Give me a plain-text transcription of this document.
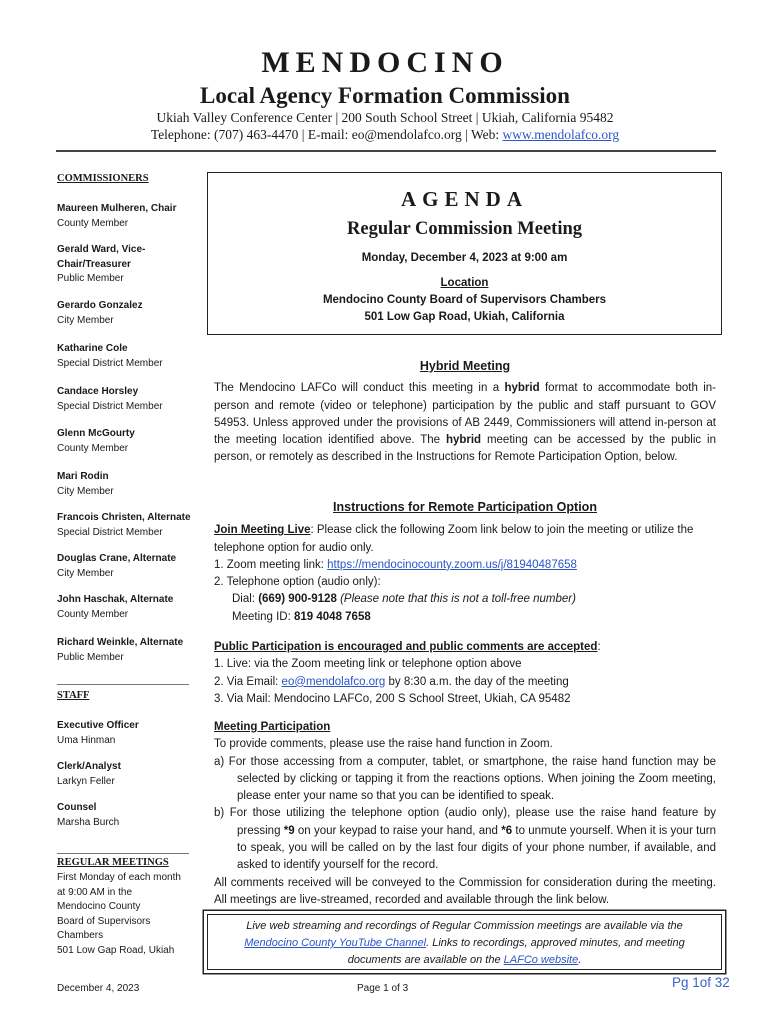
MENDOCINO
Local Agency Formation Commission
Ukiah Valley Conference Center | 200 South School Street | Ukiah, California 95482
Telephone: (707) 463-4470 | E-mail: eo@mendolafco.org | Web: www.mendolafco.org
COMMISSIONERS
Maureen Mulheren, Chair
County Member
Gerald Ward, Vice-Chair/Treasurer
Public Member
Gerardo Gonzalez
City Member
Katharine Cole
Special District Member
Candace Horsley
Special District Member
Glenn McGourty
County Member
Mari Rodin
City Member
Francois Christen, Alternate
Special District Member
Douglas Crane, Alternate
City Member
John Haschak, Alternate
County Member
Richard Weinkle, Alternate
Public Member
STAFF
Executive Officer
Uma Hinman
Clerk/Analyst
Larkyn Feller
Counsel
Marsha Burch
REGULAR MEETINGS
First Monday of each month
at 9:00 AM in the
Mendocino County
Board of Supervisors
Chambers
501 Low Gap Road, Ukiah
AGENDA
Regular Commission Meeting
Monday, December 4, 2023 at 9:00 am
Location
Mendocino County Board of Supervisors Chambers
501 Low Gap Road, Ukiah, California
Hybrid Meeting
The Mendocino LAFCo will conduct this meeting in a hybrid format to accommodate both in-person and remote (video or telephone) participation by the public and staff pursuant to GOV 54953. Unless approved under the provisions of AB 2449, Commissioners will attend in-person at the meeting location identified above. The hybrid meeting can be accessed by the public in person, or remotely as described in the Instructions for Remote Participation Option, below.
Instructions for Remote Participation Option
Join Meeting Live: Please click the following Zoom link below to join the meeting or utilize the telephone option for audio only.
1. Zoom meeting link: https://mendocinocounty.zoom.us/j/81940487658
2. Telephone option (audio only):
Dial: (669) 900-9128 (Please note that this is not a toll-free number)
Meeting ID: 819 4048 7658
Public Participation is encouraged and public comments are accepted:
1. Live: via the Zoom meeting link or telephone option above
2. Via Email: eo@mendolafco.org by 8:30 a.m. the day of the meeting
3. Via Mail: Mendocino LAFCo, 200 S School Street, Ukiah, CA 95482
Meeting Participation
To provide comments, please use the raise hand function in Zoom.
a) For those accessing from a computer, tablet, or smartphone, the raise hand function may be selected by clicking or tapping it from the reactions options. When joining the Zoom meeting, please enter your name so that you can be identified to speak.
b) For those utilizing the telephone option (audio only), please use the raise hand feature by pressing *9 on your keypad to raise your hand, and *6 to unmute yourself. When it is your turn to speak, you will be called on by the last four digits of your phone number, if available, and asked to identify yourself for the record.
All comments received will be conveyed to the Commission for consideration during the meeting. All meetings are live-streamed, recorded and available through the link below.
Live web streaming and recordings of Regular Commission meetings are available via the
Mendocino County YouTube Channel. Links to recordings, approved minutes, and meeting
documents are available on the LAFCo website.
December 4, 2023	Page 1 of 3	Pg 1of 32
